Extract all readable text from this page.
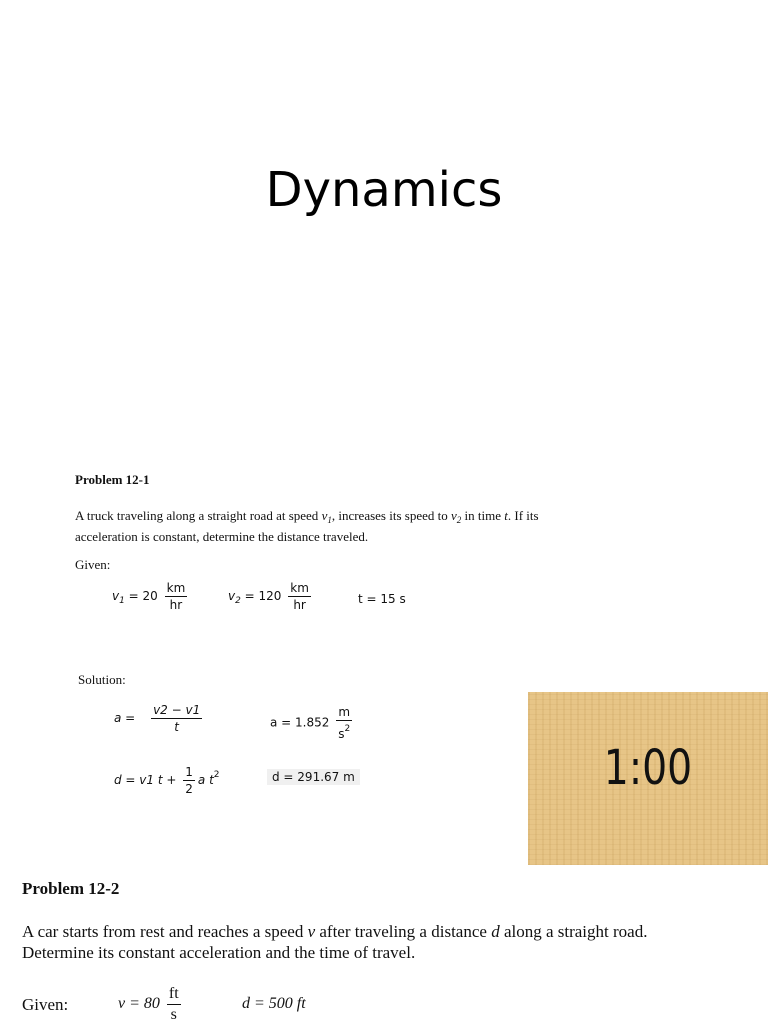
Dynamics
Problem 12-1
A truck traveling along a straight road at speed $v_1$, increases its speed to $v_2$ in time t. If its
acceleration is constant, determine the distance traveled.
Given:
$v_1 = 20 \frac{km}{hr}$	$v_2 = 120 \frac{km}{hr}$	t = 15 s
Solution:
$a = \frac{v2 - v1}{t}$	$a = 1.852 \frac{m}{s^2}$
d = v1 $t + \frac{1}{2}$ a $t^2$	d = 291.67 m	1:00
Problem 12-2
A car starts from rest and reaches a speed v after traveling a distance d along a straight road.
Determine its constant acceleration and the time of travel.
Given:	$v = 80 \frac{ft}{s}$	d = 500 ft
